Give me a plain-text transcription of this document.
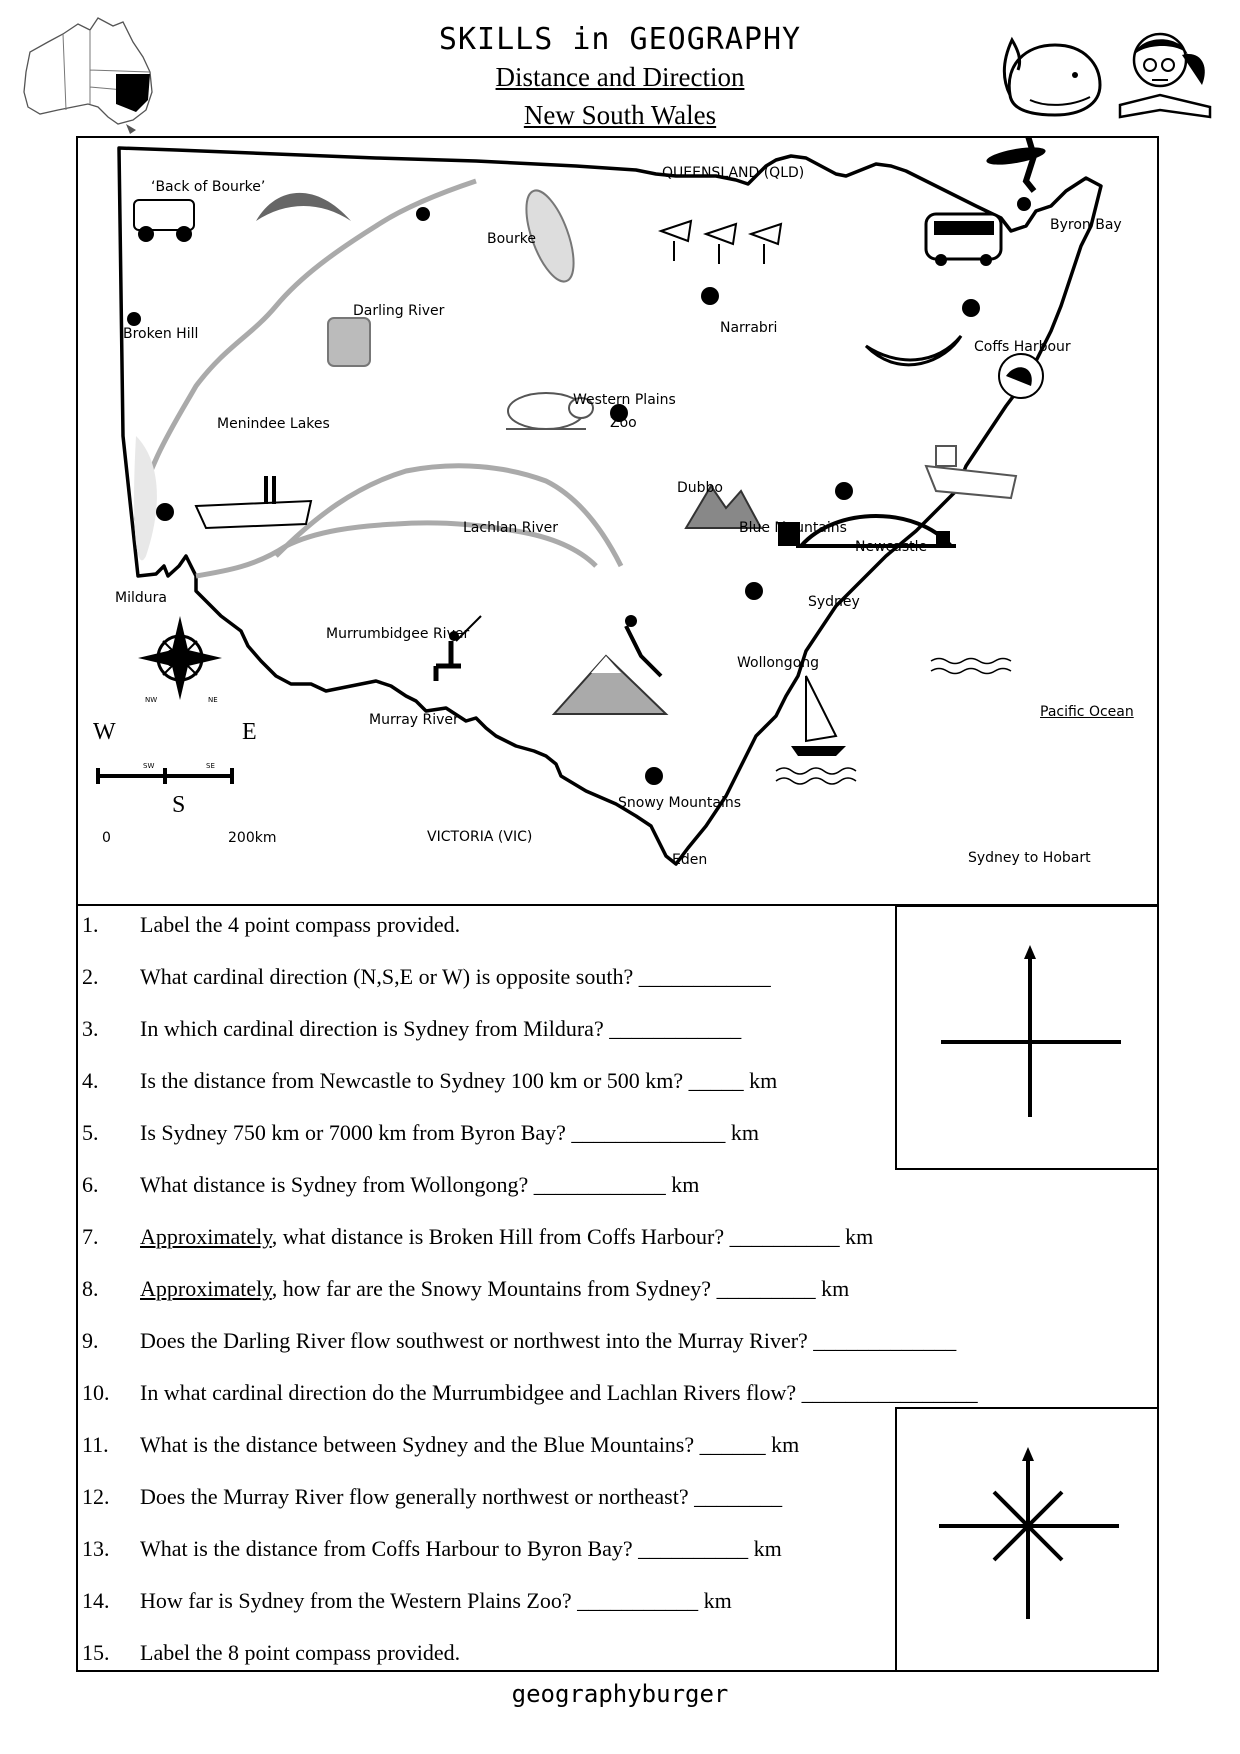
SKILLS in GEOGRAPHY
Distance and Direction
New South Wales
‘Back of Bourke’
QUEENSLAND (QLD)
Bourke
Byron Bay
Darling River
Broken Hill	Narrabri
Coffs Harbour
Western Plains
Zoo
Menindee Lakes
Dubbo
Lachlan River	Blue Mountains
Newcastle
Mildura	Sydney
Murrumbidgee River
Wollongong
Pacific Ocean
Murray River
Snowy Mountains
VICTORIA (VIC)
Eden	Sydney to Hobart
N
S
E
W
NW	NE
SW	SE
0	200km
1. Label the 4 point compass provided.
2. What cardinal direction (N,S,E or W) is opposite south? ____________
3. In which cardinal direction is Sydney from Mildura? ____________
4. Is the distance from Newcastle to Sydney 100 km or 500 km? _____ km
5. Is Sydney 750 km or 7000 km from Byron Bay? ______________ km
6. What distance is Sydney from Wollongong? ____________ km
7. Approximately, what distance is Broken Hill from Coffs Harbour? __________ km
8. Approximately, how far are the Snowy Mountains from Sydney? _________ km
9. Does the Darling River flow southwest or northwest into the Murray River? _____________
10. In what cardinal direction do the Murrumbidgee and Lachlan Rivers flow? ________________
11. What is the distance between Sydney and the Blue Mountains? ______ km
12. Does the Murray River flow generally northwest or northeast? ________
13. What is the distance from Coffs Harbour to Byron Bay? __________ km
14. How far is Sydney from the Western Plains Zoo? ___________ km
15. Label the 8 point compass provided.
geographyburger
